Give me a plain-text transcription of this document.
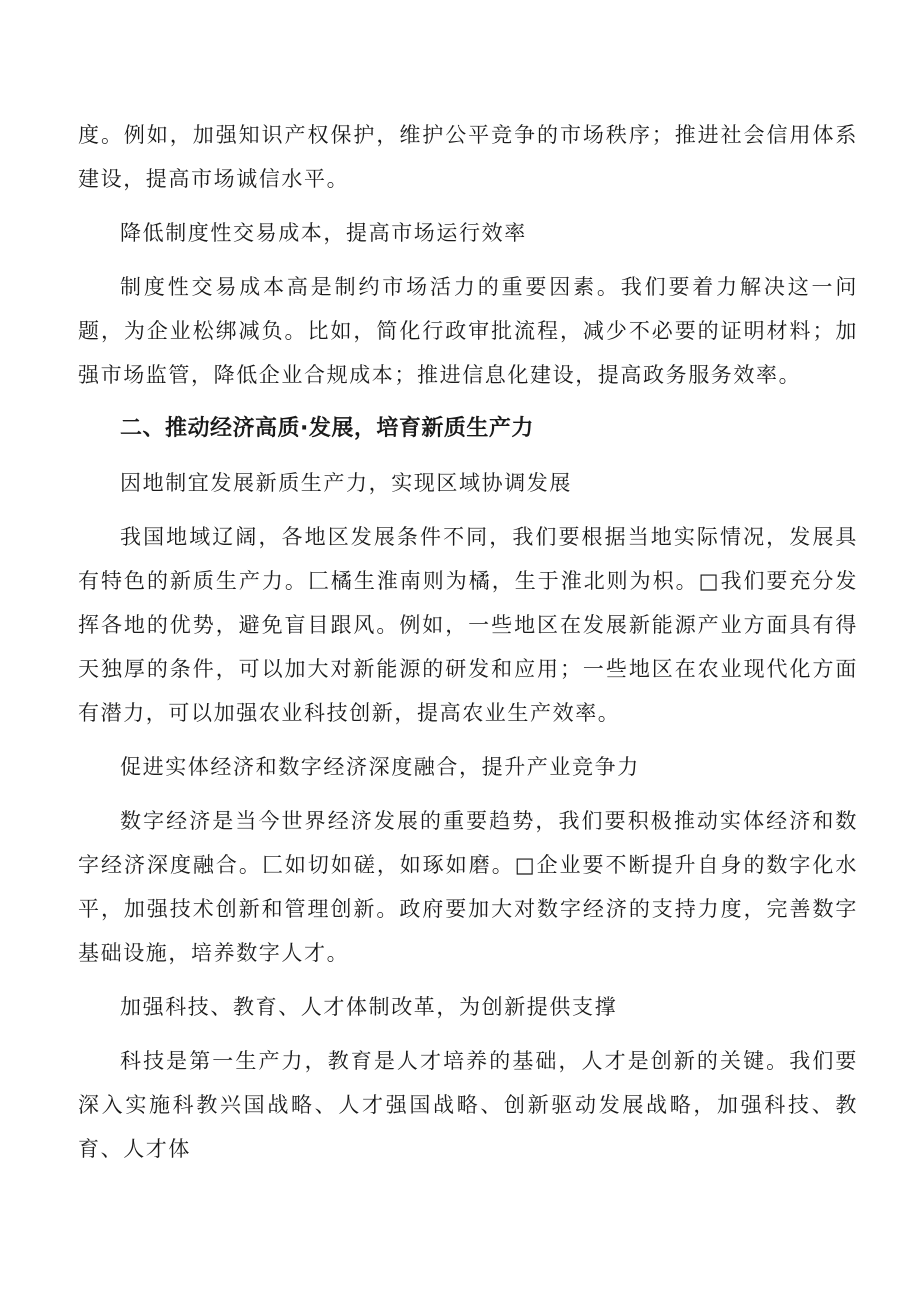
度。例如，加强知识产权保护，维护公平竞争的市场秩序；推进社会信用体系建设，提高市场诚信水平。

降低制度性交易成本，提高市场运行效率

制度性交易成本高是制约市场活力的重要因素。我们要着力解决这一问题，为企业松绑减负。比如，简化行政审批流程，减少不必要的证明材料；加强市场监管，降低企业合规成本；推进信息化建设，提高政务服务效率。

二、推动经济高质·发展，培育新质生产力

因地制宜发展新质生产力，实现区域协调发展

我国地域辽阔，各地区发展条件不同，我们要根据当地实际情况，发展具有特色的新质生产力。匚橘生淮南则为橘，生于淮北则为枳。□我们要充分发挥各地的优势，避免盲目跟风。例如，一些地区在发展新能源产业方面具有得天独厚的条件，可以加大对新能源的研发和应用；一些地区在农业现代化方面有潜力，可以加强农业科技创新，提高农业生产效率。

促进实体经济和数字经济深度融合，提升产业竞争力

数字经济是当今世界经济发展的重要趋势，我们要积极推动实体经济和数字经济深度融合。匚如切如磋，如琢如磨。□企业要不断提升自身的数字化水平，加强技术创新和管理创新。政府要加大对数字经济的支持力度，完善数字基础设施，培养数字人才。

加强科技、教育、人才体制改革，为创新提供支撑

科技是第一生产力，教育是人才培养的基础，人才是创新的关键。我们要深入实施科教兴国战略、人才强国战略、创新驱动发展战略，加强科技、教育、人才体
